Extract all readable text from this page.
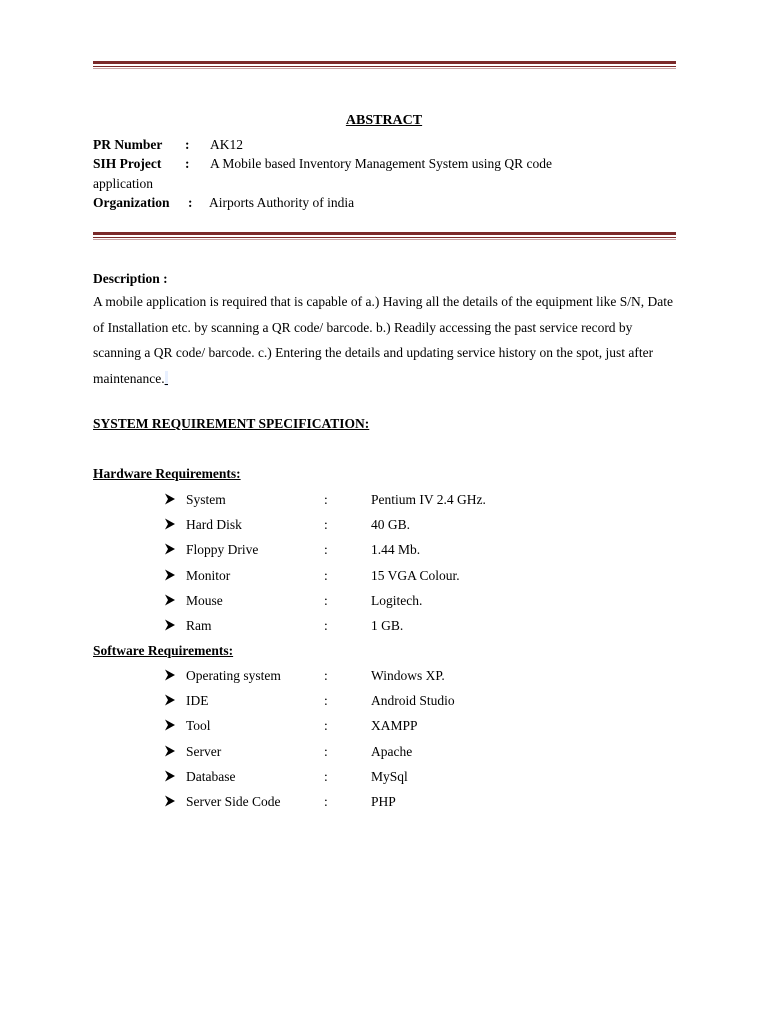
ABSTRACT
PR Number : AK12
SIH Project : A Mobile based Inventory Management System using QR code
application
Organization : Airports Authority of india
Description :
A mobile application is required that is capable of a.) Having all the details of the equipment like S/N, Date of Installation etc. by scanning a QR code/ barcode. b.) Readily accessing the past service record by scanning a QR code/ barcode. c.) Entering the details and updating service history on the spot, just after maintenance.
SYSTEM REQUIREMENT SPECIFICATION:
Hardware Requirements:
System	:	Pentium IV 2.4 GHz.
Hard Disk	:	40 GB.
Floppy Drive	:	1.44 Mb.
Monitor	:	15 VGA Colour.
Mouse	:	Logitech.
Ram	:	1 GB.
Software Requirements:
Operating system	:	Windows XP.
IDE	:	Android Studio
Tool	:	XAMPP
Server	:	Apache
Database	:	MySql
Server Side Code	:	PHP
